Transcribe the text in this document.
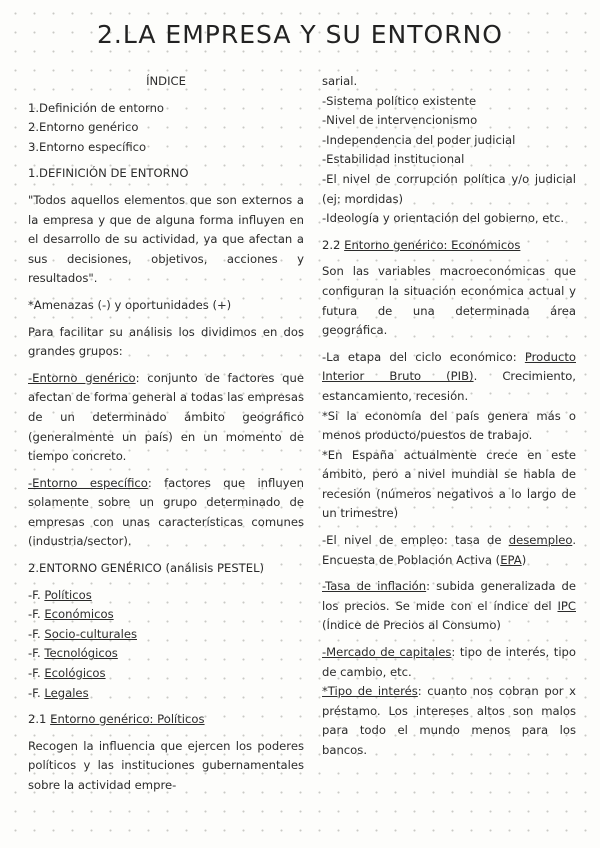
2.LA EMPRESA Y SU ENTORNO
ÍNDICE
1.Definición de entorno
2.Entorno genérico
3.Entorno específico
1.DEFINICIÓN DE ENTORNO
"Todos aquellos elementos que son externos a la empresa y que de alguna forma influyen en el desarrollo de su actividad, ya que afectan a sus decisiones, objetivos, acciones y resultados".
*Amenazas (-) y oportunidades (+)
Para facilitar su análisis los dividimos en dos grandes grupos:
-Entorno genérico: conjunto de factores que afectan de forma general a todas las empresas de un determinado ámbito geográfico (generalmente un país) en un momento de tiempo concreto.
-Entorno específico: factores que influyen solamente sobre un grupo determinado de empresas con unas características comunes (industria/sector).
2.ENTORNO GENÉRICO (análisis PESTEL)
-F. Políticos
-F. Económicos
-F. Socio-culturales
-F. Tecnológicos
-F. Ecológicos
-F. Legales
2.1 Entorno genérico: Políticos
Recogen la influencia que ejercen los poderes políticos y las instituciones gubernamentales sobre la actividad empre-
sarial.
-Sistema político existente
-Nivel de intervencionismo
-Independencia del poder judicial
-Estabilidad institucional
-El nivel de corrupción política y/o judicial (ej: mordidas)
-Ideología y orientación del gobierno, etc.
2.2 Entorno genérico: Económicos
Son las variables macroeconómicas que configuran la situación económica actual y futura de una determinada área geográfica.
-La etapa del ciclo económico: Producto Interior Bruto (PIB). Crecimiento, estancamiento, recesión.
*Si la economía del país genera más o menos producto/puestos de trabajo.
*En España actualmente crece en este ámbito, pero a nivel mundial se habla de recesión (números negativos a lo largo de un trimestre)
-El nivel de empleo: tasa de desempleo. Encuesta de Población Activa (EPA)
-Tasa de inflación: subida generalizada de los precios. Se mide con el índice del IPC (Índice de Precios al Consumo)
-Mercado de capitales: tipo de interés, tipo de cambio, etc.
*Tipo de interés: cuanto nos cobran por x préstamo. Los intereses altos son malos para todo el mundo menos para los bancos.
